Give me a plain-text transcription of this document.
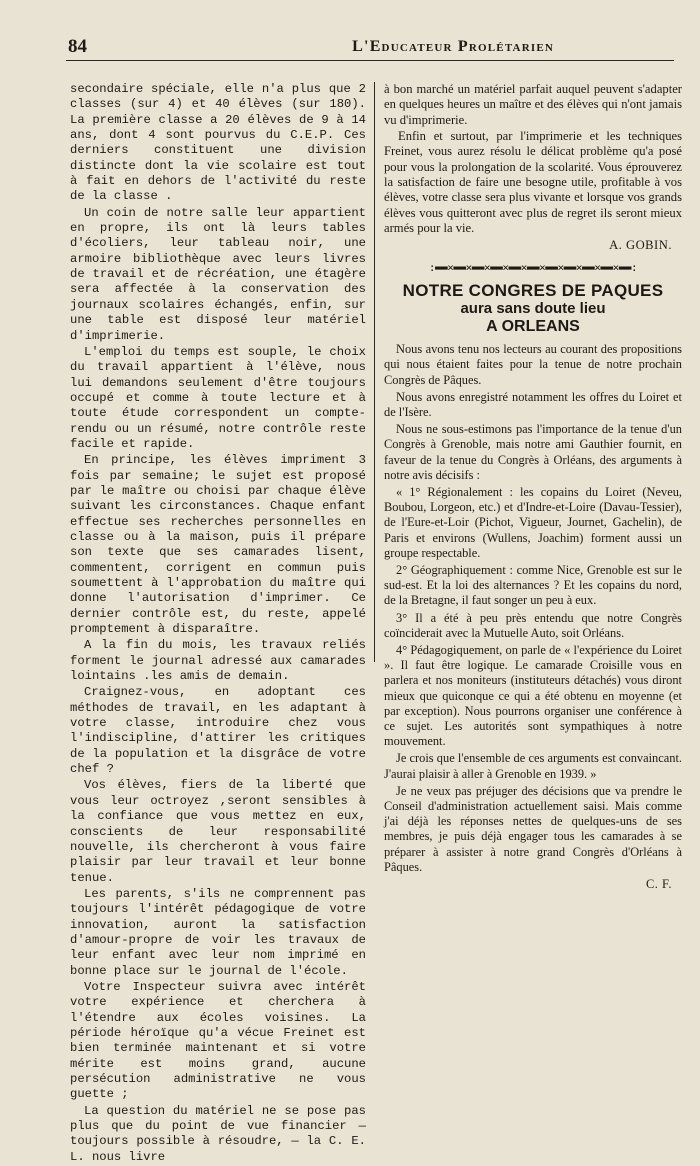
84	L'Educateur Prolétarien

secondaire spéciale, elle n'a plus que 2 classes (sur 4) et 40 élèves (sur 180). La première classe a 20 élèves de 9 à 14 ans, dont 4 sont pourvus du C.E.P. Ces derniers constituent une division distincte dont la vie scolaire est tout à fait en dehors de l'activité du reste de la classe .

Un coin de notre salle leur appartient en propre, ils ont là leurs tables d'écoliers, leur tableau noir, une armoire bibliothèque avec leurs livres de travail et de récréation, une étagère sera affectée à la conservation des journaux scolaires échangés, enfin, sur une table est disposé leur matériel d'imprimerie.

L'emploi du temps est souple, le choix du travail appartient à l'élève, nous lui demandons seulement d'être toujours occupé et comme à toute lecture et à toute étude correspondent un compte-rendu ou un résumé, notre contrôle reste facile et rapide.

En principe, les élèves impriment 3 fois par semaine; le sujet est proposé par le maître ou choisi par chaque élève suivant les circonstances. Chaque enfant effectue ses recherches personnelles en classe ou à la maison, puis il prépare son texte que ses camarades lisent, commentent, corrigent en commun puis soumettent à l'approbation du maître qui donne l'autorisation d'imprimer. Ce dernier contrôle est, du reste, appelé promptement à disparaître.

A la fin du mois, les travaux reliés forment le journal adressé aux camarades lointains .les amis de demain.

Craignez-vous, en adoptant ces méthodes de travail, en les adaptant à votre classe, introduire chez vous l'indiscipline, d'attirer les critiques de la population et la disgrâce de votre chef ?

Vos élèves, fiers de la liberté que vous leur octroyez ,seront sensibles à la confiance que vous mettez en eux, conscients de leur responsabilité nouvelle, ils chercheront à vous faire plaisir par leur travail et leur bonne tenue.

Les parents, s'ils ne comprennent pas toujours l'intérêt pédagogique de votre innovation, auront la satisfaction d'amour-propre de voir les travaux de leur enfant avec leur nom imprimé en bonne place sur le journal de l'école.

Votre Inspecteur suivra avec intérêt votre expérience et cherchera à l'étendre aux écoles voisines. La période héroïque qu'a vécue Freinet est bien terminée maintenant et si votre mérite est moins grand, aucune persécution administrative ne vous guette ;

La question du matériel ne se pose pas plus que du point de vue financier — toujours possible à résoudre, — la C. E. L. nous livre

à bon marché un matériel parfait auquel peuvent s'adapter en quelques heures un maître et des élèves qui n'ont jamais vu d'imprimerie.

Enfin et surtout, par l'imprimerie et les techniques Freinet, vous aurez résolu le délicat problème qu'a posé pour vous la prolongation de la scolarité. Vous éprouverez la satisfaction de faire une besogne utile, profitable à vos élèves, votre classe sera plus vivante et lorsque vos grands élèves vous quitteront avec plus de regret ils seront mieux armés pour la vie.

A. GOBIN.
:▬▬×▬▬×▬▬×▬▬×▬▬×▬▬×▬▬×▬▬×▬▬×▬▬×▬▬:
NOTRE CONGRES DE PAQUES
aura sans doute lieu
A ORLEANS

Nous avons tenu nos lecteurs au courant des propositions qui nous étaient faites pour la tenue de notre prochain Congrès de Pâques.

Nous avons enregistré notamment les offres du Loiret et de l'Isère.

Nous ne sous-estimons pas l'importance de la tenue d'un Congrès à Grenoble, mais notre ami Gauthier fournit, en faveur de la tenue du Congrès à Orléans, des arguments à notre avis décisifs :

« 1° Régionalement : les copains du Loiret (Neveu, Boubou, Lorgeon, etc.) et d'Indre-et-Loire (Davau-Tessier), de l'Eure-et-Loir (Pichot, Vigueur, Journet, Gachelin), de Paris et environs (Wullens, Joachim) forment aussi un groupe respectable.

2° Géographiquement : comme Nice, Grenoble est sur le sud-est. Et la loi des alternances ? Et les copains du nord, de la Bretagne, il faut songer un peu à eux.

3° Il a été à peu près entendu que notre Congrès coïnciderait avec la Mutuelle Auto, soit Orléans.

4° Pédagogiquement, on parle de « l'expérience du Loiret ». Il faut être logique. Le camarade Croisille vous en parlera et nos moniteurs (instituteurs détachés) vous diront mieux que quiconque ce qui a été obtenu en moyenne (et par exception). Nous pourrons organiser une conférence à ce sujet. Les autorités sont sympathiques à notre mouvement.

Je crois que l'ensemble de ces arguments est convaincant. J'aurai plaisir à aller à Grenoble en 1939. »

Je ne veux pas préjuger des décisions que va prendre le Conseil d'administration actuellement saisi. Mais comme j'ai déjà les réponses nettes de quelques-uns de ses membres, je puis déjà engager tous les camarades à se préparer à assister à notre grand Congrès d'Orléans à Pâques.

C. F.
